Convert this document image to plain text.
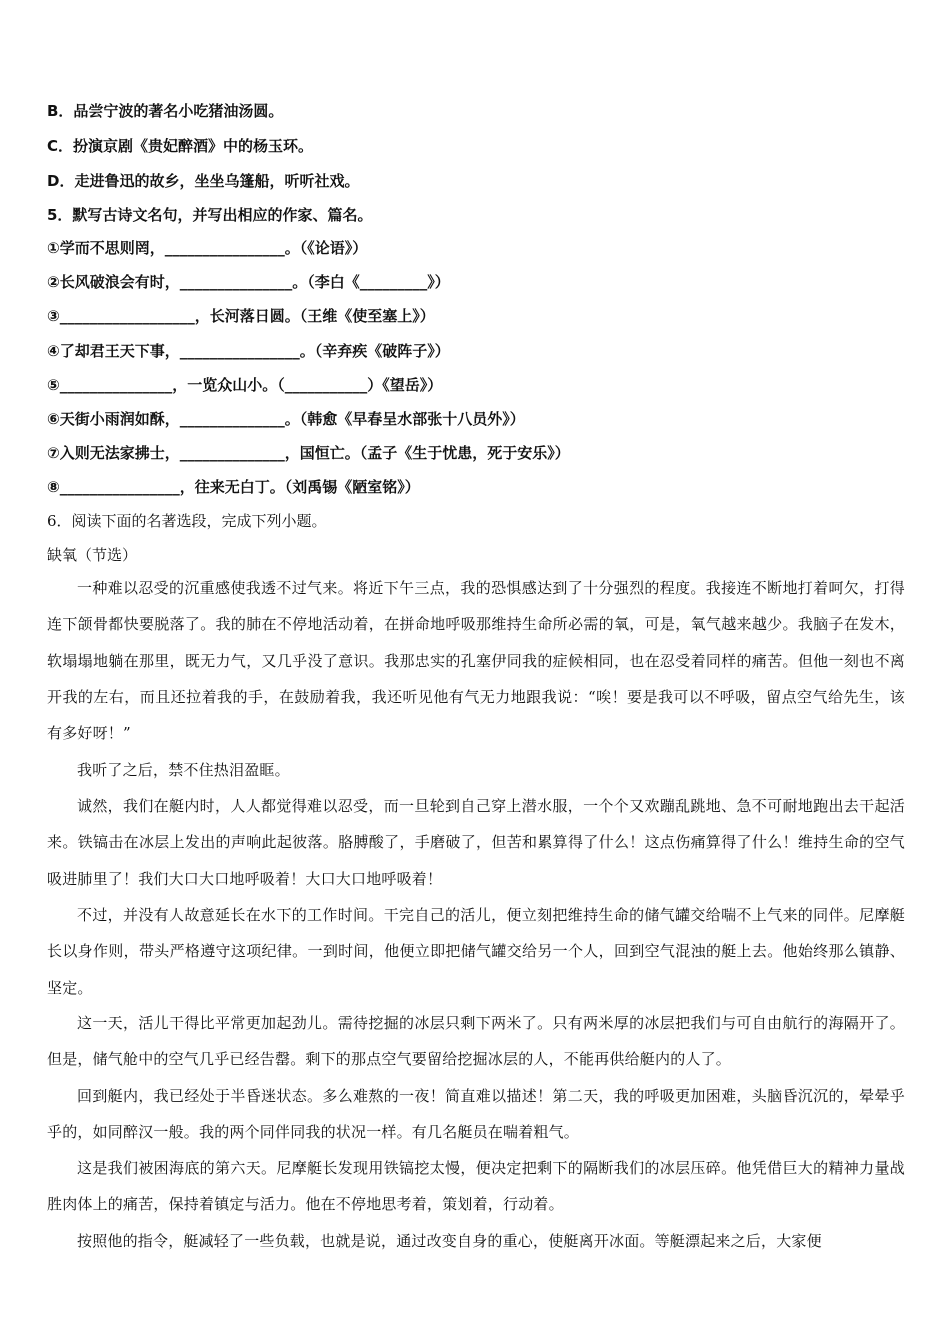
B．品尝宁波的著名小吃猪油汤圆。
C．扮演京剧《贵妃醉酒》中的杨玉环。
D．走进鲁迅的故乡，坐坐乌篷船，听听社戏。
5．默写古诗文名句，并写出相应的作家、篇名。
①学而不思则罔，________________。（《论语》）
②长风破浪会有时，_______________。（李白《_________》）
③__________________，长河落日圆。（王维《使至塞上》）
④了却君王天下事，________________。（辛弃疾《破阵子》）
⑤_______________，一览众山小。（___________）《望岳》）
⑥天街小雨润如酥，______________。（韩愈《早春呈水部张十八员外》）
⑦入则无法家拂士，______________，国恒亡。（孟子《生于忧患，死于安乐》）
⑧________________，往来无白丁。（刘禹锡《陋室铭》）
6．阅读下面的名著选段，完成下列小题。
缺氧（节选）
一种难以忍受的沉重感使我透不过气来。将近下午三点，我的恐惧感达到了十分强烈的程度。我接连不断地打着呵欠，打得连下颌骨都快要脱落了。我的肺在不停地活动着，在拼命地呼吸那维持生命所必需的氧，可是，氧气越来越少。我脑子在发木，软塌塌地躺在那里，既无力气，又几乎没了意识。我那忠实的孔塞伊同我的症候相同，也在忍受着同样的痛苦。但他一刻也不离开我的左右，而且还拉着我的手，在鼓励着我，我还听见他有气无力地跟我说：“唉！要是我可以不呼吸，留点空气给先生，该有多好呀！”
我听了之后，禁不住热泪盈眶。
诚然，我们在艇内时，人人都觉得难以忍受，而一旦轮到自己穿上潜水服，一个个又欢蹦乱跳地、急不可耐地跑出去干起活来。铁镐击在冰层上发出的声响此起彼落。胳膊酸了，手磨破了，但苦和累算得了什么！这点伤痛算得了什么！维持生命的空气吸进肺里了！我们大口大口地呼吸着！大口大口地呼吸着！
不过，并没有人故意延长在水下的工作时间。干完自己的活儿，便立刻把维持生命的储气罐交给喘不上气来的同伴。尼摩艇长以身作则，带头严格遵守这项纪律。一到时间，他便立即把储气罐交给另一个人，回到空气混浊的艇上去。他始终那么镇静、坚定。
这一天，活儿干得比平常更加起劲儿。需待挖掘的冰层只剩下两米了。只有两米厚的冰层把我们与可自由航行的海隔开了。但是，储气舱中的空气几乎已经告罄。剩下的那点空气要留给挖掘冰层的人，不能再供给艇内的人了。
回到艇内，我已经处于半昏迷状态。多么难熬的一夜！简直难以描述！第二天，我的呼吸更加困难，头脑昏沉沉的，晕晕乎乎的，如同醉汉一般。我的两个同伴同我的状况一样。有几名艇员在喘着粗气。
这是我们被困海底的第六天。尼摩艇长发现用铁镐挖太慢，便决定把剩下的隔断我们的冰层压碎。他凭借巨大的精神力量战胜肉体上的痛苦，保持着镇定与活力。他在不停地思考着，策划着，行动着。
按照他的指令，艇减轻了一些负载，也就是说，通过改变自身的重心，使艇离开冰面。等艇漂起来之后，大家便
